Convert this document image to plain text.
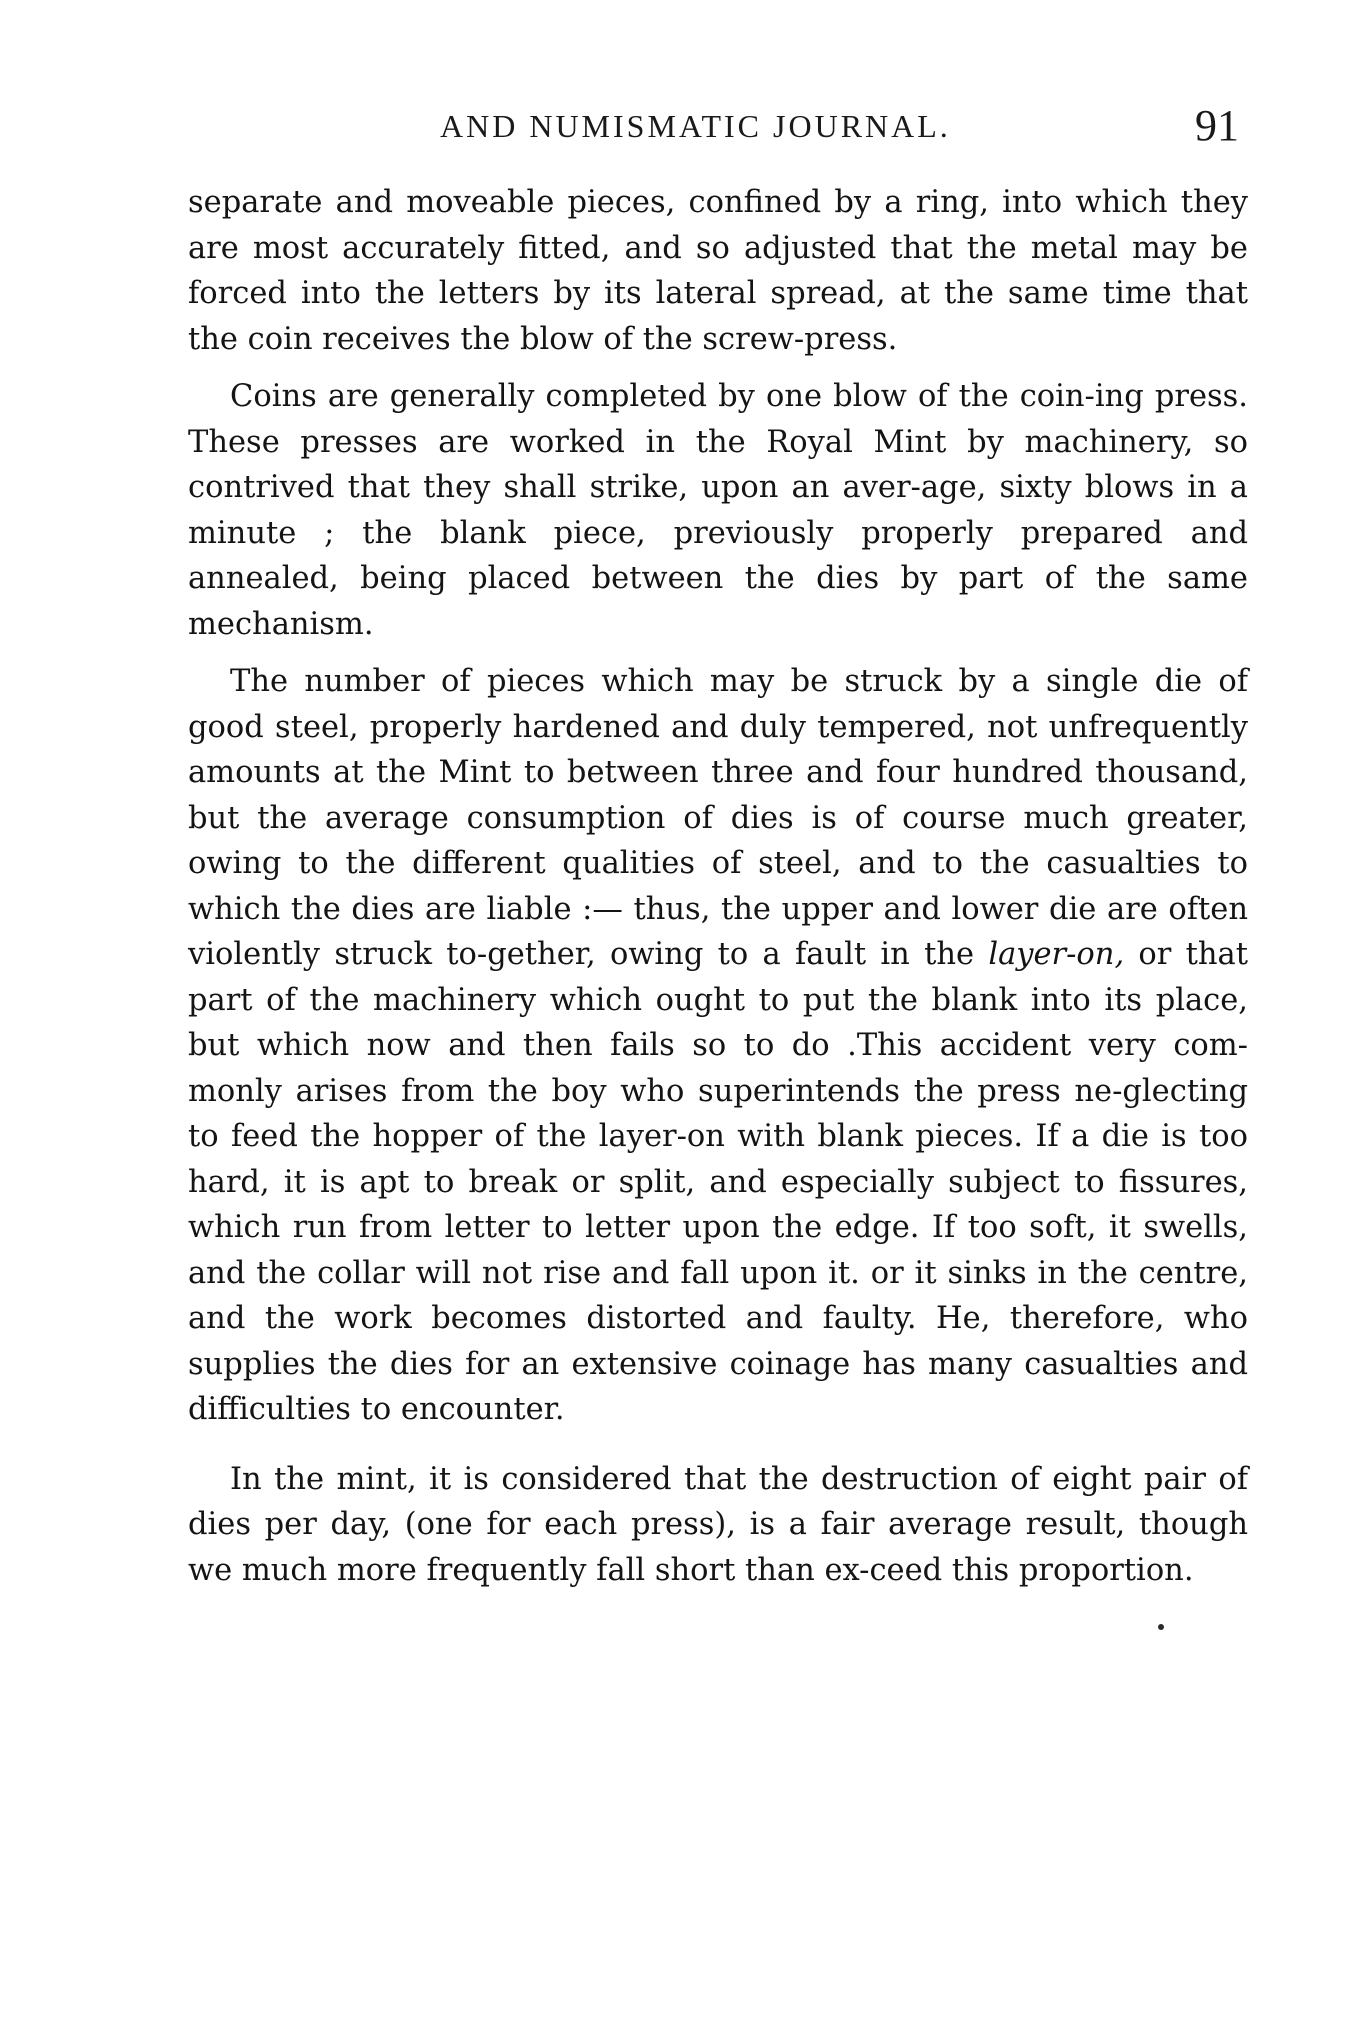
AND NUMISMATIC JOURNAL.	91

separate and moveable pieces, confined by a ring, into which they are most accurately fitted, and so adjusted that the metal may be forced into the letters by its lateral spread, at the same time that the coin receives the blow of the screw-press.

Coins are generally completed by one blow of the coin-ing press. These presses are worked in the Royal Mint by machinery, so contrived that they shall strike, upon an aver-age, sixty blows in a minute ; the blank piece, previously properly prepared and annealed, being placed between the dies by part of the same mechanism.

The number of pieces which may be struck by a single die of good steel, properly hardened and duly tempered, not unfrequently amounts at the Mint to between three and four hundred thousand, but the average consumption of dies is of course much greater, owing to the different qualities of steel, and to the casualties to which the dies are liable :— thus, the upper and lower die are often violently struck to-gether, owing to a fault in the layer-on, or that part of the machinery which ought to put the blank into its place, but which now and then fails so to do .This accident very com-monly arises from the boy who superintends the press ne-glecting to feed the hopper of the layer-on with blank pieces. If a die is too hard, it is apt to break or split, and especially subject to fissures, which run from letter to letter upon the edge. If too soft, it swells, and the collar will not rise and fall upon it. or it sinks in the centre, and the work becomes distorted and faulty. He, therefore, who supplies the dies for an extensive coinage has many casualties and difficulties to encounter.

In the mint, it is considered that the destruction of eight pair of dies per day, (one for each press), is a fair average result, though we much more frequently fall short than ex-ceed this proportion.
